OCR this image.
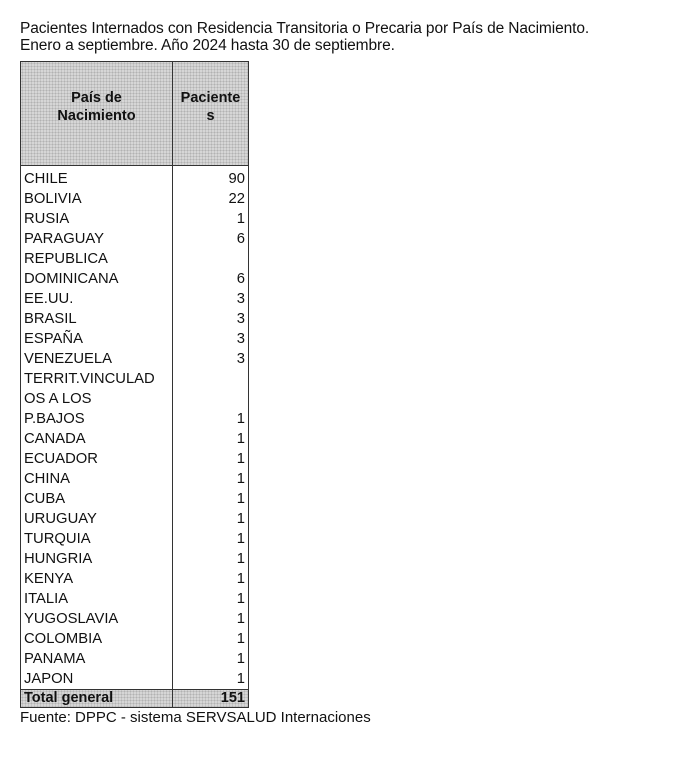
Pacientes Internados con Residencia Transitoria o Precaria por País de Nacimiento.
Enero a septiembre. Año 2024 hasta 30 de septiembre.
País de
Nacimiento
Paciente
s
CHILE
BOLIVIA
RUSIA
PARAGUAY
REPUBLICA
DOMINICANA
EE.UU.
BRASIL
ESPAÑA
VENEZUELA
TERRIT.VINCULAD
OS A LOS
P.BAJOS
CANADA
ECUADOR
CHINA
CUBA
URUGUAY
TURQUIA
HUNGRIA
KENYA
ITALIA
YUGOSLAVIA
COLOMBIA
PANAMA
JAPON
90
22
1
6
6
3
3
3
3
1
1
1
1
1
1
1
1
1
1
1
1
1
1
Total general	151
Fuente: DPPC - sistema SERVSALUD Internaciones
